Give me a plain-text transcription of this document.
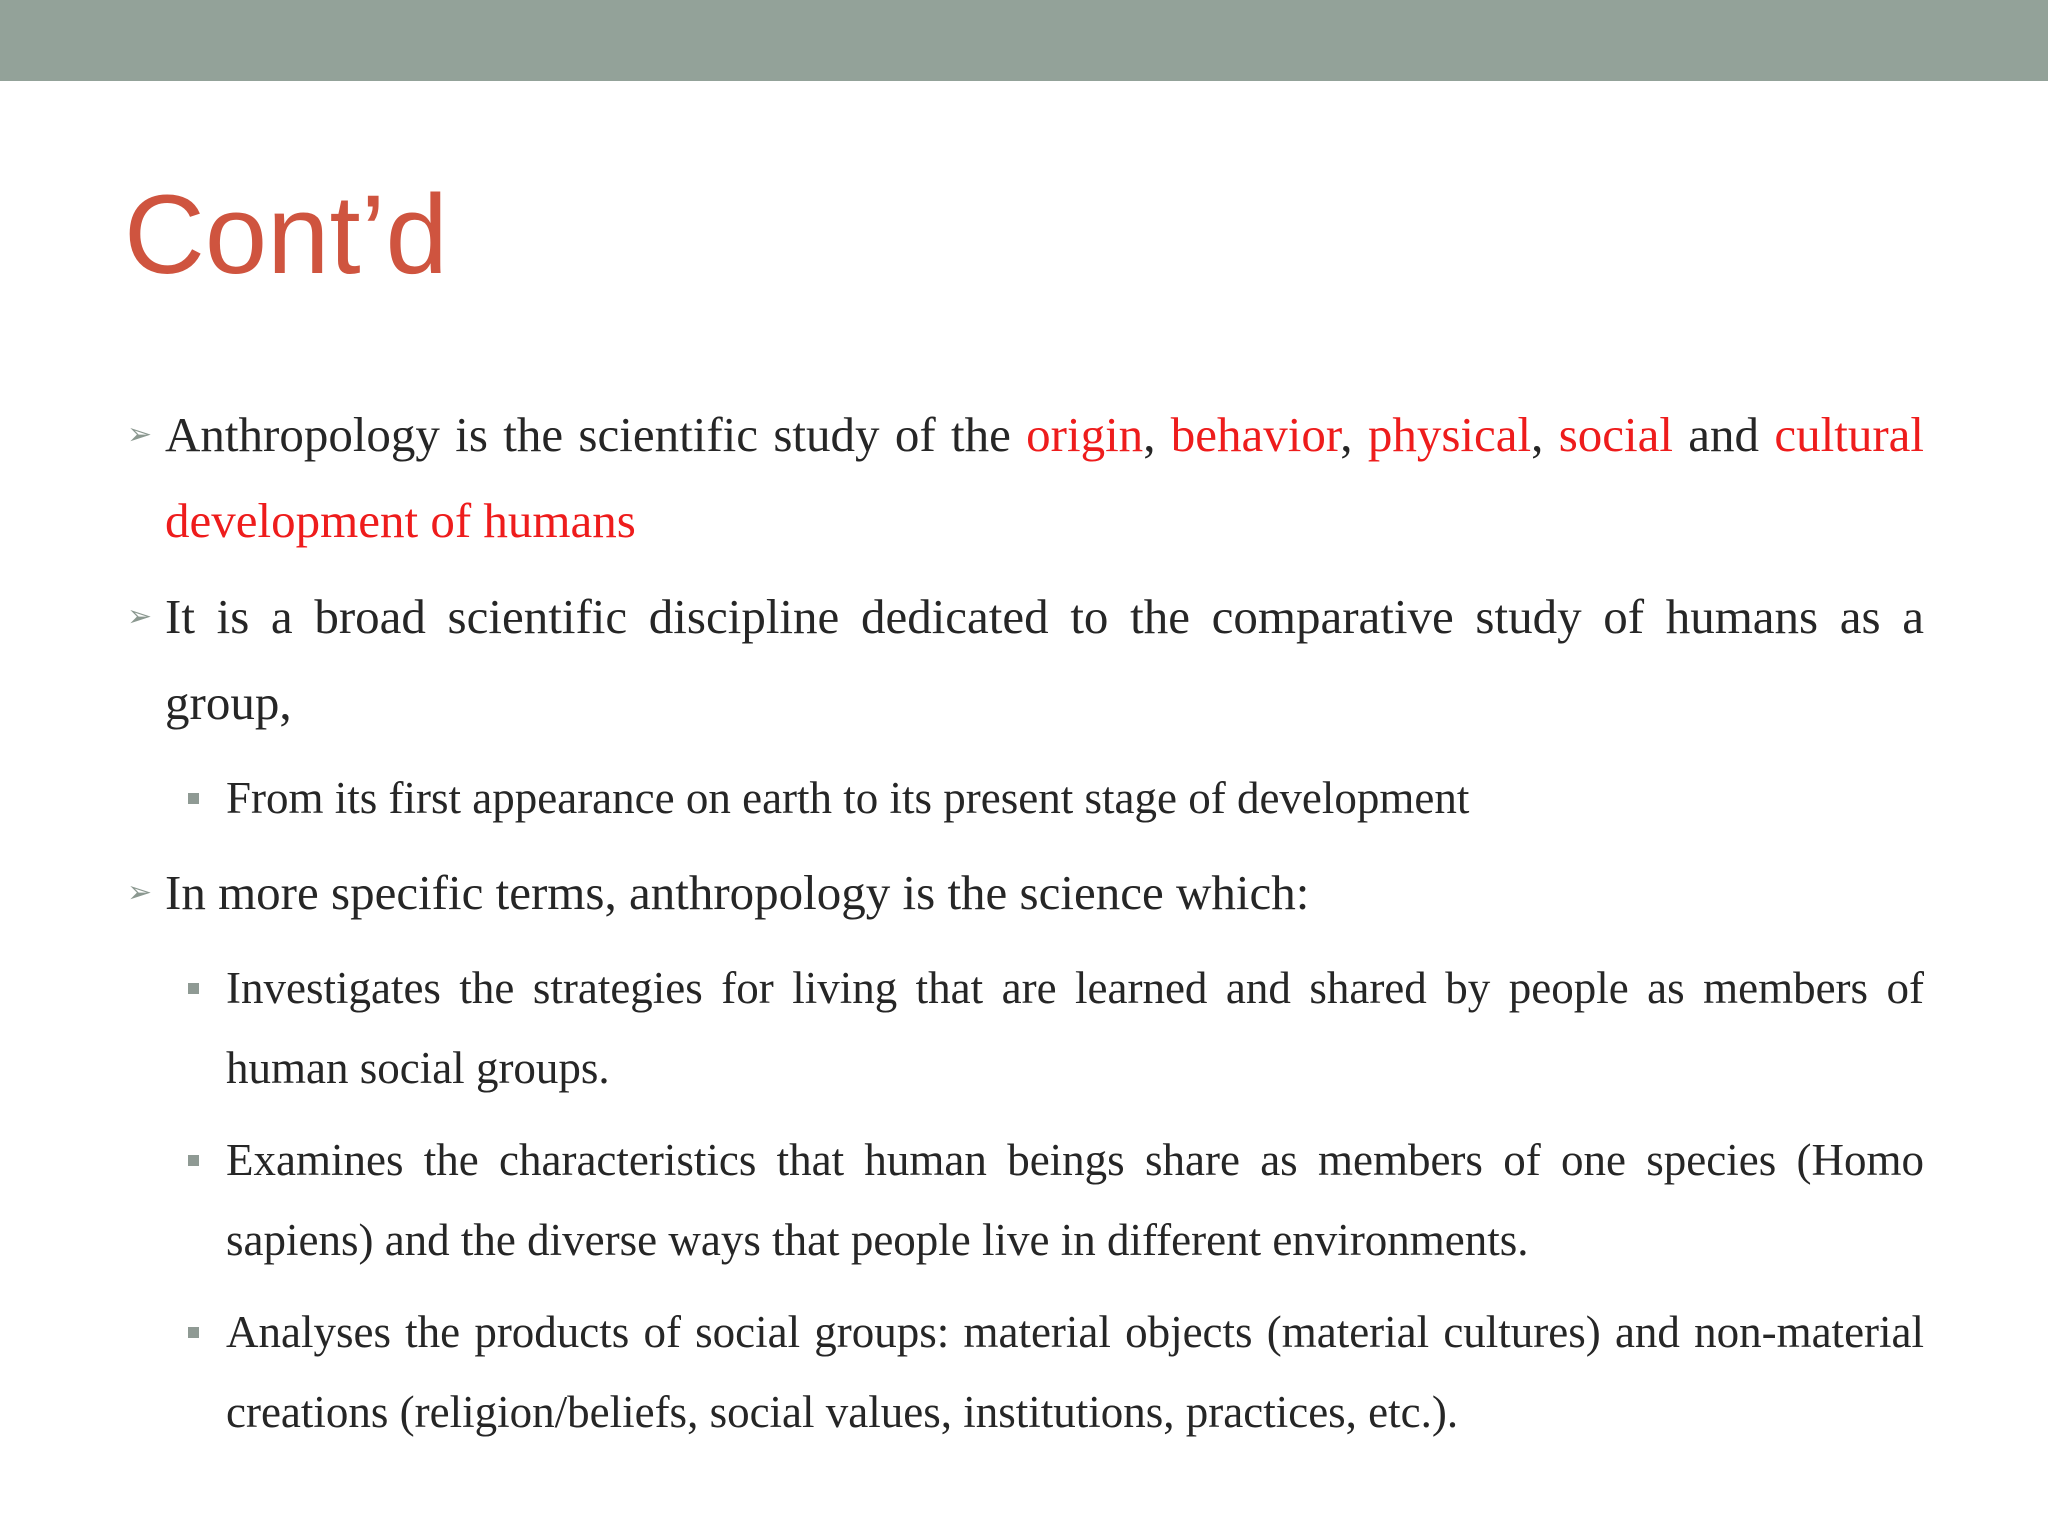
Cont’d

➢ Anthropology is the scientific study of the origin, behavior, physical, social and cultural development of humans

➢ It is a broad scientific discipline dedicated to the comparative study of humans as a group,

From its first appearance on earth to its present stage of development

➢ In more specific terms, anthropology is the science which:

Investigates the strategies for living that are learned and shared by people as members of human social groups.

Examines the characteristics that human beings share as members of one species (Homo sapiens) and the diverse ways that people live in different environments.

Analyses the products of social groups: material objects (material cultures) and non-material creations (religion/beliefs, social values, institutions, practices, etc.).
